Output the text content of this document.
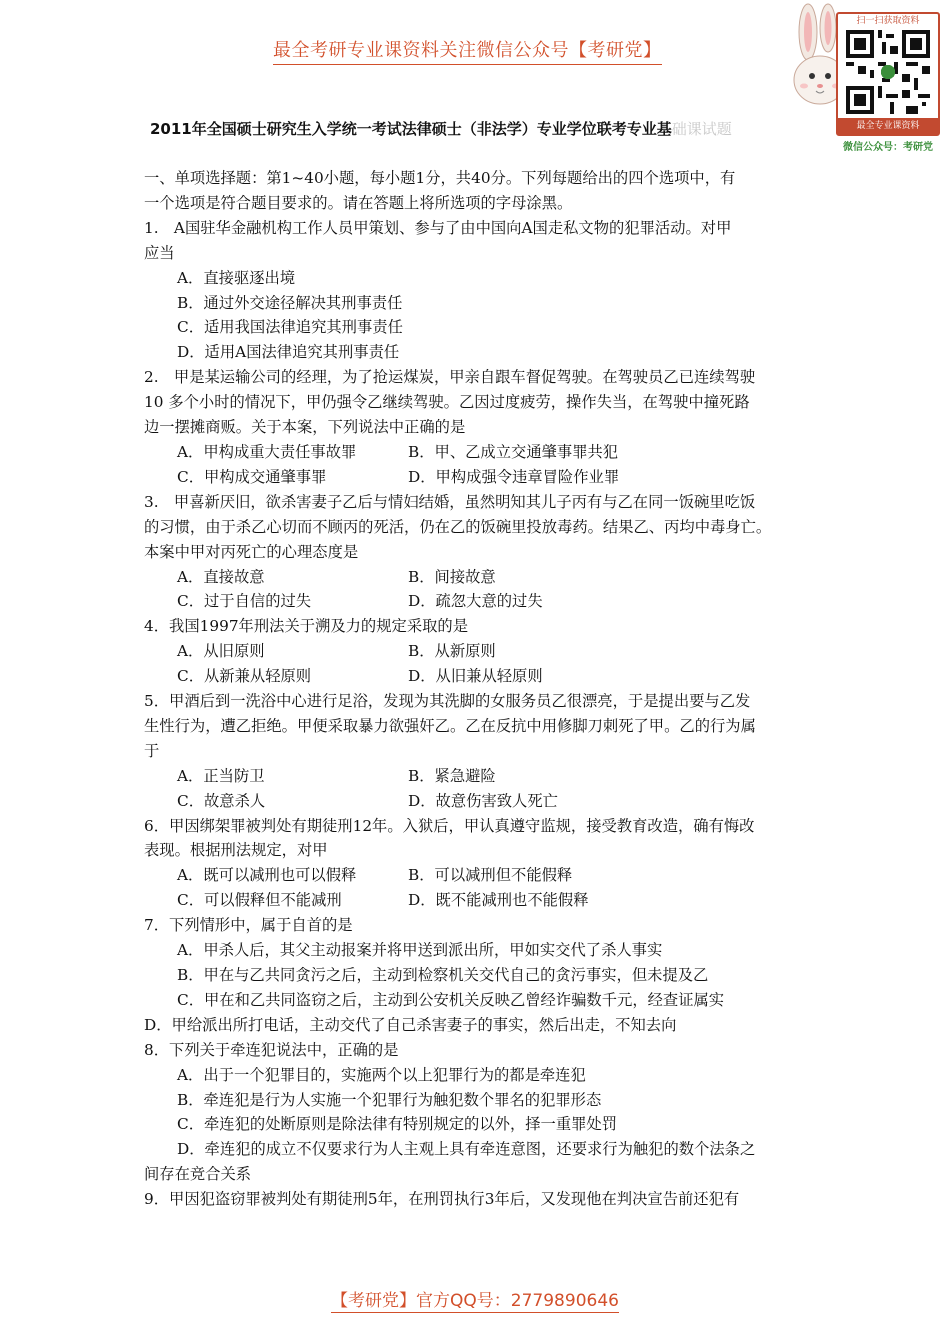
最全考研专业课资料关注微信公众号【考研党】
扫一扫获取资料
最全专业课资料
微信公众号：考研党
2011年全国硕士研究生入学统一考试法律硕士（非法学）专业学位联考专业基础课试题

一、单项选择题：第1~40小题，每小题1分，共40分。下列每题给出的四个选项中，有

一个选项是符合题目要求的。请在答题上将所选项的字母涂黑。

1.　A国驻华金融机构工作人员甲策划、参与了由中国向A国走私文物的犯罪活动。对甲

应当

A．直接驱逐出境

B．通过外交途径解决其刑事责任

C．适用我国法律追究其刑事责任

D．适用A国法律追究其刑事责任

2.　甲是某运输公司的经理，为了抢运煤炭，甲亲自跟车督促驾驶。在驾驶员乙已连续驾驶

10 多个小时的情况下，甲仍强令乙继续驾驶。乙因过度疲劳，操作失当，在驾驶中撞死路

边一摆摊商贩。关于本案，下列说法中正确的是

A．甲构成重大责任事故罪	B．甲、乙成立交通肇事罪共犯

C．甲构成交通肇事罪	D．甲构成强令违章冒险作业罪

3.　甲喜新厌旧，欲杀害妻子乙后与情妇结婚，虽然明知其儿子丙有与乙在同一饭碗里吃饭

的习惯，由于杀乙心切而不顾丙的死活，仍在乙的饭碗里投放毒药。结果乙、丙均中毒身亡。

本案中甲对丙死亡的心理态度是

A．直接故意	B．间接故意

C．过于自信的过失	D．疏忽大意的过失

4．我国1997年刑法关于溯及力的规定采取的是

A．从旧原则	B．从新原则

C．从新兼从轻原则	D．从旧兼从轻原则

5．甲酒后到一洗浴中心进行足浴，发现为其洗脚的女服务员乙很漂亮，于是提出要与乙发

生性行为，遭乙拒绝。甲便采取暴力欲强奸乙。乙在反抗中用修脚刀刺死了甲。乙的行为属

于

A．正当防卫	B．紧急避险

C．故意杀人	D．故意伤害致人死亡

6．甲因绑架罪被判处有期徒刑12年。入狱后，甲认真遵守监规，接受教育改造，确有悔改

表现。根据刑法规定，对甲

A．既可以减刑也可以假释	B．可以减刑但不能假释

C．可以假释但不能减刑	D．既不能减刑也不能假释

7．下列情形中，属于自首的是

A．甲杀人后，其父主动报案并将甲送到派出所，甲如实交代了杀人事实

B．甲在与乙共同贪污之后，主动到检察机关交代自己的贪污事实，但未提及乙

C．甲在和乙共同盗窃之后，主动到公安机关反映乙曾经诈骗数千元，经查证属实

D．甲给派出所打电话，主动交代了自己杀害妻子的事实，然后出走，不知去向

8．下列关于牵连犯说法中，正确的是

A．出于一个犯罪目的，实施两个以上犯罪行为的都是牵连犯

B．牵连犯是行为人实施一个犯罪行为触犯数个罪名的犯罪形态

C．牵连犯的处断原则是除法律有特别规定的以外，择一重罪处罚

D．牵连犯的成立不仅要求行为人主观上具有牵连意图，还要求行为触犯的数个法条之

间存在竞合关系

9．甲因犯盗窃罪被判处有期徒刑5年，在刑罚执行3年后，又发现他在判决宣告前还犯有

【考研党】官方QQ号：2779890646
